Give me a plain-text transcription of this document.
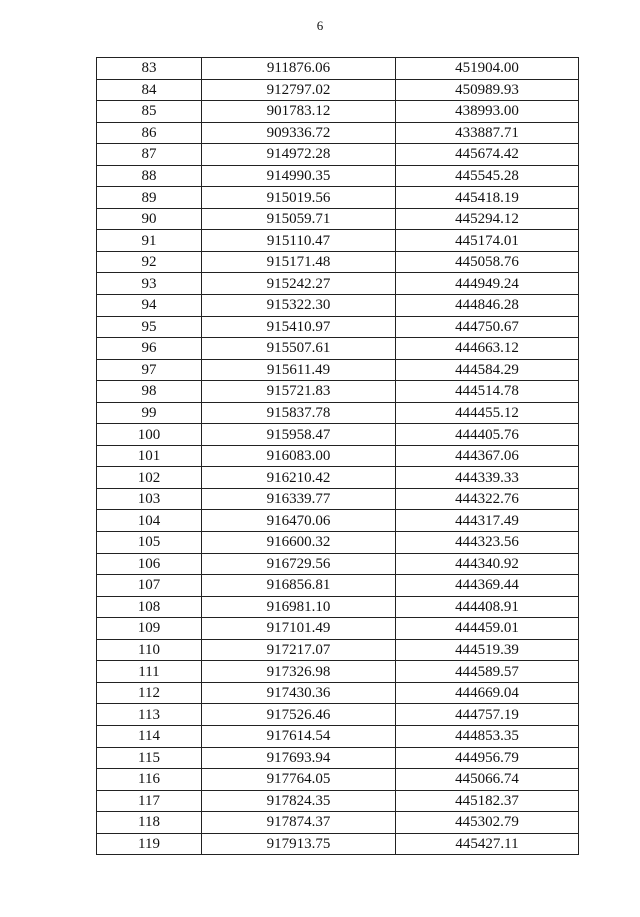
6
83	911876.06	451904.00
84	912797.02	450989.93
85	901783.12	438993.00
86	909336.72	433887.71
87	914972.28	445674.42
88	914990.35	445545.28
89	915019.56	445418.19
90	915059.71	445294.12
91	915110.47	445174.01
92	915171.48	445058.76
93	915242.27	444949.24
94	915322.30	444846.28
95	915410.97	444750.67
96	915507.61	444663.12
97	915611.49	444584.29
98	915721.83	444514.78
99	915837.78	444455.12
100	915958.47	444405.76
101	916083.00	444367.06
102	916210.42	444339.33
103	916339.77	444322.76
104	916470.06	444317.49
105	916600.32	444323.56
106	916729.56	444340.92
107	916856.81	444369.44
108	916981.10	444408.91
109	917101.49	444459.01
110	917217.07	444519.39
111	917326.98	444589.57
112	917430.36	444669.04
113	917526.46	444757.19
114	917614.54	444853.35
115	917693.94	444956.79
116	917764.05	445066.74
117	917824.35	445182.37
118	917874.37	445302.79
119	917913.75	445427.11
